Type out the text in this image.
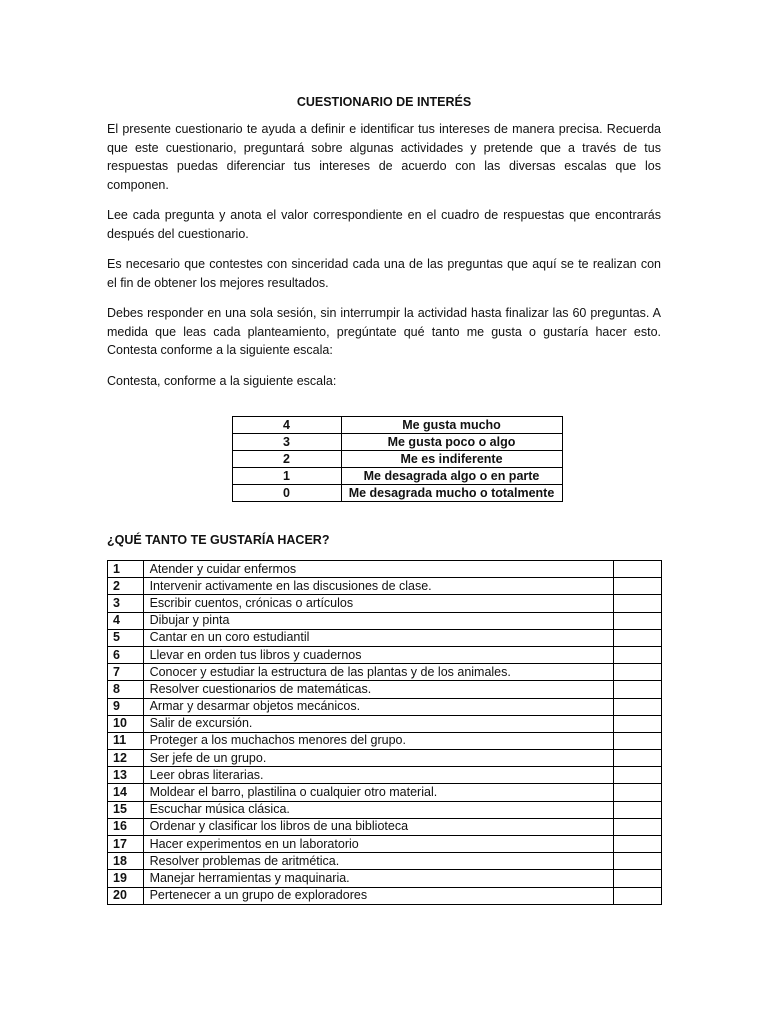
CUESTIONARIO DE INTERÉS

El presente cuestionario te ayuda a definir e identificar tus intereses de manera precisa. Recuerda que este cuestionario, preguntará sobre algunas actividades y pretende que a través de tus respuestas puedas diferenciar tus intereses de acuerdo con las diversas escalas que los componen.

Lee cada pregunta y anota el valor correspondiente en el cuadro de respuestas que encontrarás después del cuestionario.

Es necesario que contestes con sinceridad cada una de las preguntas que aquí se te realizan con el fin de obtener los mejores resultados.

Debes responder en una sola sesión, sin interrumpir la actividad hasta finalizar las 60 preguntas. A medida que leas cada planteamiento, pregúntate qué tanto me gusta o gustaría hacer esto. Contesta conforme a la siguiente escala:

Contesta, conforme a la siguiente escala:

4	Me gusta mucho
3	Me gusta poco o algo
2	Me es indiferente
1	Me desagrada algo o en parte
0	Me desagrada mucho o totalmente
¿QUÉ TANTO TE GUSTARÍA HACER?
1	Atender y cuidar enfermos	
2	Intervenir activamente en las discusiones de clase.	
3	Escribir cuentos, crónicas o artículos	
4	Dibujar y pinta	
5	Cantar en un coro estudiantil	
6	Llevar en orden tus libros y cuadernos	
7	Conocer y estudiar la estructura de las plantas y de los animales.	
8	Resolver cuestionarios de matemáticas.	
9	Armar y desarmar objetos mecánicos.	
10	Salir de excursión.	
11	Proteger a los muchachos menores del grupo.	
12	Ser jefe de un grupo.	
13	Leer obras literarias.	
14	Moldear el barro, plastilina o cualquier otro material.	
15	Escuchar música clásica.	
16	Ordenar y clasificar los libros de una biblioteca	
17	Hacer experimentos en un laboratorio	
18	Resolver problemas de aritmética.	
19	Manejar herramientas y maquinaria.	
20	Pertenecer a un grupo de exploradores	
